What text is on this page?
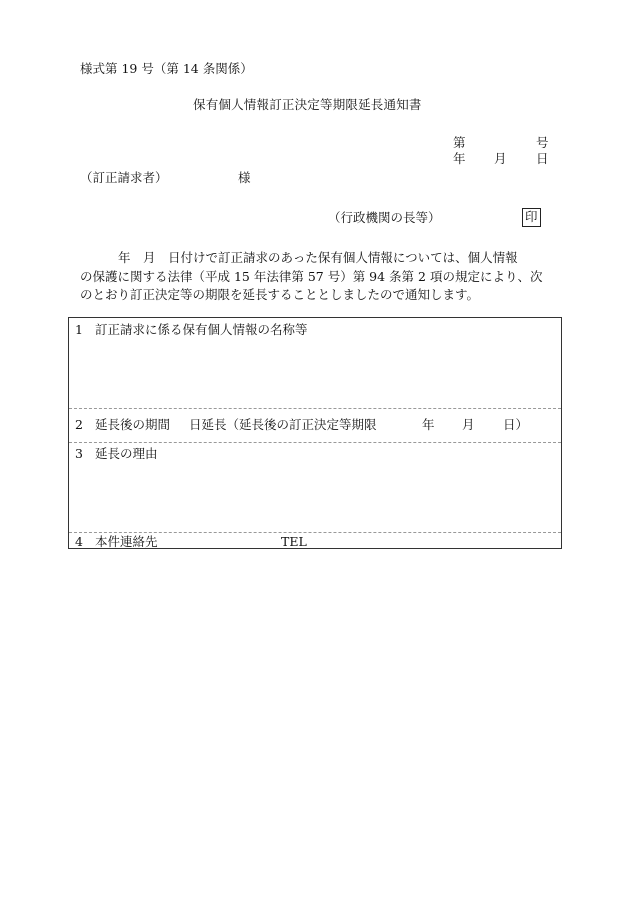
様式第 19 号（第 14 条関係）
保有個人情報訂正決定等期限延長通知書
第	号
年 月 日
（訂正請求者）	様
（行政機関の長等）	印

年　月　日付けで訂正請求のあった保有個人情報については、個人情報
の保護に関する法律（平成 15 年法律第 57 号）第 94 条第 2 項の規定により、次
のとおり訂正決定等の期限を延長することとしましたので通知します。

1 訂正請求に係る保有個人情報の名称等
2 延長後の期間 日延長（延長後の訂正決定等期限	年 月 日）
3 延長の理由
4 本件連絡先	TEL
